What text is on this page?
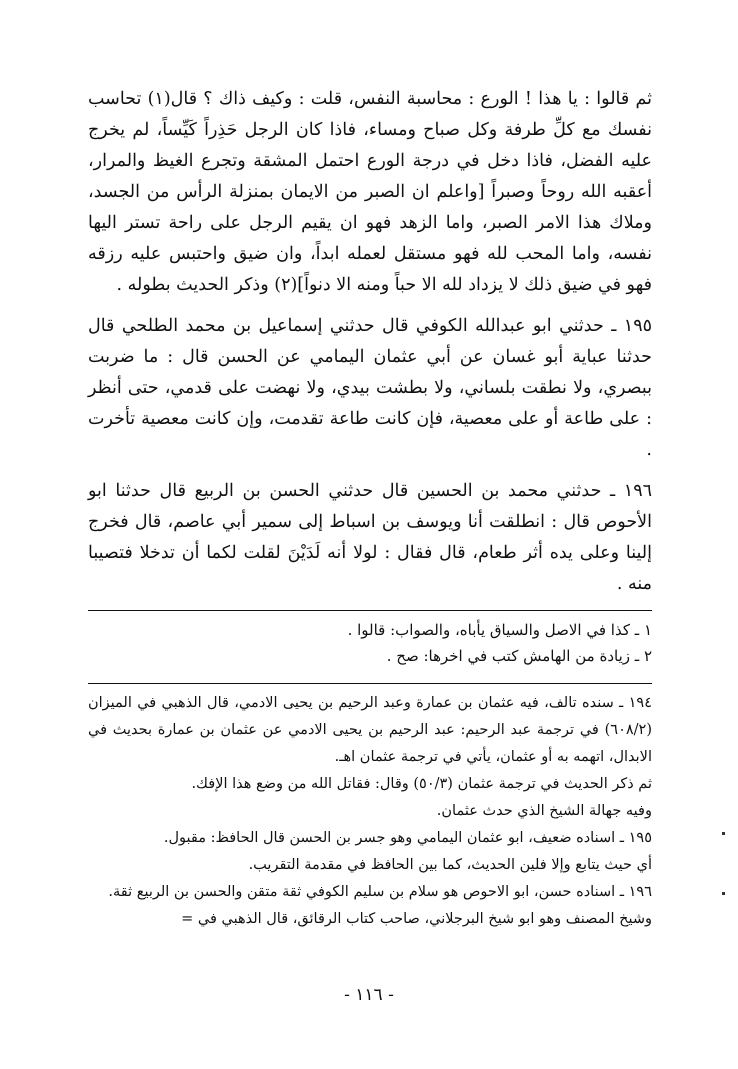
ثم قالوا : يا هذا ! الورع : محاسبة النفس، قلت : وكيف ذاك ؟ قال(١) تحاسب نفسك مع كلِّ طرفة وكل صباح ومساء، فاذا كان الرجل حَذِراً كَيِّساً، لم يخرج عليه الفضل، فاذا دخل في درجة الورع احتمل المشقة وتجرع الغيظ والمرار، أعقبه الله روحاً وصبراً [واعلم ان الصبر من الايمان بمنزلة الرأس من الجسد، وملاك هذا الامر الصبر، واما الزهد فهو ان يقيم الرجل على راحة تستر اليها نفسه، واما المحب لله فهو مستقل لعمله ابداً، وان ضيق واحتبس عليه رزقه فهو في ضيق ذلك لا يزداد لله الا حباً ومنه الا دنواً](٢) وذكر الحديث بطوله .

١٩٥ ـ حدثني ابو عبدالله الكوفي قال حدثني إسماعيل بن محمد الطلحي قال حدثنا عباية أبو غسان عن أبي عثمان اليمامي عن الحسن قال : ما ضربت ببصري، ولا نطقت بلساني، ولا بطشت بيدي، ولا نهضت على قدمي، حتى أنظر : على طاعة أو على معصية، فإن كانت طاعة تقدمت، وإن كانت معصية تأخرت .

١٩٦ ـ حدثني محمد بن الحسين قال حدثني الحسن بن الربيع قال حدثنا ابو الأحوص قال : انطلقت أنا ويوسف بن اسباط إلى سمير أبي عاصم، قال فخرج إلينا وعلى يده أثر طعام، قال فقال : لولا أنه لَدَيْنَ لقلت لكما أن تدخلا فتصيبا منه .

١ ـ كذا في الاصل والسياق يأباه، والصواب: قالوا .

٢ ـ زيادة من الهامش كتب في اخرها: صح .

١٩٤ ـ سنده تالف، فيه عثمان بن عمارة وعبد الرحيم بن يحيى الادمي، قال الذهبي في الميزان (٦٠٨/٢) في ترجمة عبد الرحيم: عبد الرحيم بن يحيى الادمي عن عثمان بن عمارة بحديث في الابدال، اتهمه به أو عثمان، يأتي في ترجمة عثمان اهـ.

ثم ذكر الحديث في ترجمة عثمان (٥٠/٣) وقال: فقاتل الله من وضع هذا الإفك.

وفيه جهالة الشيخ الذي حدث عثمان.

١٩٥ ـ اسناده ضعيف، ابو عثمان اليمامي وهو جسر بن الحسن قال الحافظ: مقبول.

أي حيث يتابع وإلا فلين الحديث، كما بين الحافظ في مقدمة التقريب.

١٩٦ ـ اسناده حسن، ابو الاحوص هو سلام بن سليم الكوفي ثقة متقن والحسن بن الربيع ثقة.

وشيخ المصنف وهو ابو شيخ البرجلاني، صاحب كتاب الرقائق، قال الذهبي في =

- ١١٦ -
